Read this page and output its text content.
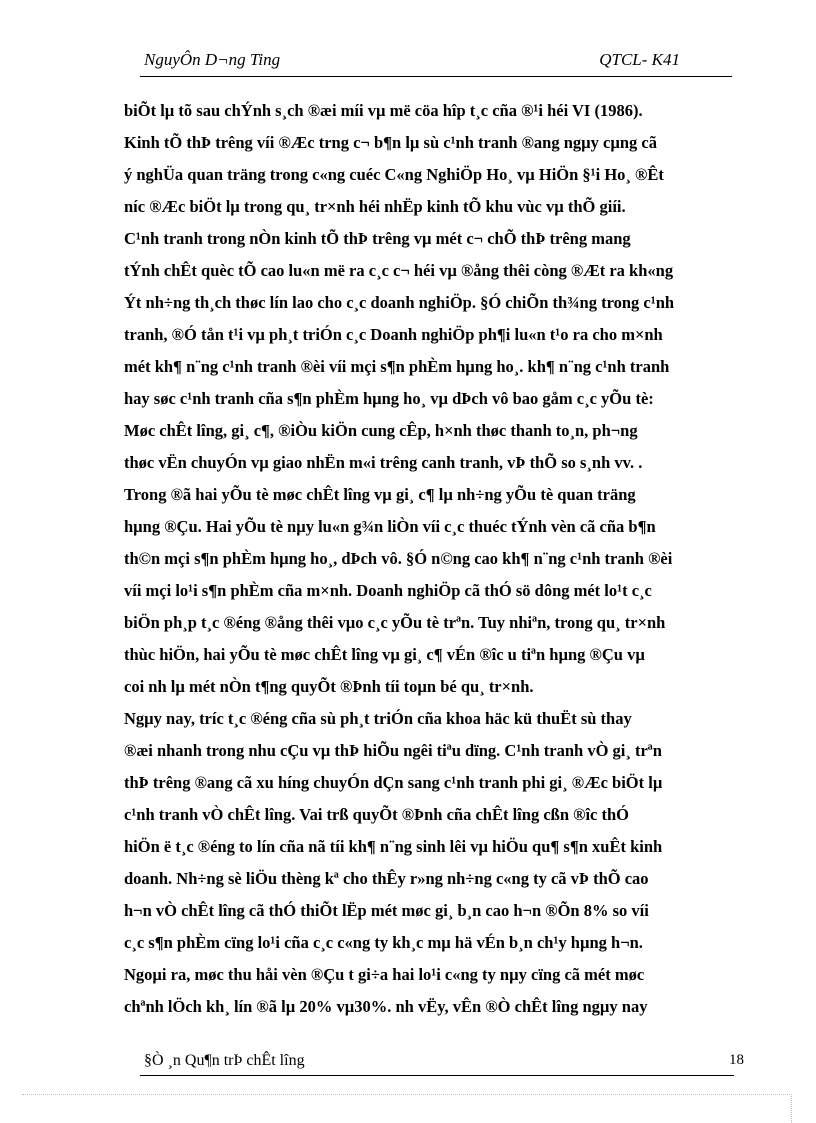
NguyÔn D¬ng Ting	QTCL- K41
biÕt lµ tõ sau chÝnh s¸ch ®æi míi vµ më cöa hîp t¸c cña ®¹i héi VI (1986).
Kinh tÕ thÞ trêng víi ®Æc trng c¬ b¶n lµ sù c¹nh tranh ®ang ngµy cµng cã
ý nghÜa quan träng trong c«ng cuéc C«ng NghiÖp Ho¸ vµ HiÖn §¹i Ho¸ ®Êt
níc ®Æc biÖt lµ trong qu¸ tr×nh héi nhËp kinh tÕ khu vùc vµ thÕ giíi.
C¹nh tranh trong nÒn kinh tÕ thÞ trêng vµ mét c¬ chÕ thÞ trêng mang
tÝnh chÊt quèc tÕ cao lu«n më ra c¸c c¬ héi vµ ®ång thêi còng ®Æt ra kh«ng
Ýt nh÷ng th¸ch thøc lín lao cho c¸c doanh nghiÖp. §Ó chiÕn th¾ng trong c¹nh
tranh, ®Ó tån t¹i vµ ph¸t triÓn c¸c Doanh nghiÖp ph¶i lu«n t¹o ra cho m×nh
mét kh¶ n¨ng c¹nh tranh ®èi víi mçi s¶n phÈm hµng ho¸. kh¶ n¨ng c¹nh tranh
hay søc c¹nh tranh cña s¶n phÈm hµng ho¸ vµ dÞch vô bao gåm c¸c yÕu tè:
Møc chÊt lîng, gi¸ c¶, ®iÒu kiÖn cung cÊp, h×nh thøc thanh to¸n, ph¬ng
thøc vËn chuyÓn vµ giao nhËn m«i trêng canh tranh, vÞ thÕ so s¸nh vv. .
Trong ®ã hai yÕu tè møc chÊt lîng vµ gi¸ c¶ lµ nh÷ng yÕu tè quan träng
hµng ®Çu. Hai yÕu tè nµy lu«n g¾n liÒn víi c¸c thuéc tÝnh vèn cã cña b¶n
th©n mçi s¶n phÈm hµng ho¸, dÞch vô. §Ó n©ng cao kh¶ n¨ng c¹nh tranh ®èi
víi mçi lo¹i s¶n phÈm cña m×nh. Doanh nghiÖp cã thÓ sö dông mét lo¹t c¸c
biÖn ph¸p t¸c ®éng ®ång thêi vµo c¸c yÕu tè trªn. Tuy nhiªn, trong qu¸ tr×nh
thùc hiÖn, hai yÕu tè møc chÊt lîng vµ gi¸ c¶ vÉn ®îc u tiªn hµng ®Çu vµ
coi nh lµ mét nÒn t¶ng quyÕt ®Þnh tíi toµn bé qu¸ tr×nh.
Ngµy nay, tríc t¸c ®éng cña sù ph¸t triÓn cña khoa häc kü thuËt sù thay
®æi nhanh trong nhu cÇu vµ thÞ hiÕu ngêi tiªu dïng. C¹nh tranh vÒ gi¸ trªn
thÞ trêng ®ang cã xu híng chuyÓn dÇn sang c¹nh tranh phi gi¸ ®Æc biÖt lµ
c¹nh tranh vÒ chÊt lîng. Vai trß quyÕt ®Þnh cña chÊt lîng cßn ®îc thÓ
hiÖn ë t¸c ®éng to lín cña nã tíi kh¶ n¨ng sinh lêi vµ hiÖu qu¶ s¶n xuÊt kinh
doanh. Nh÷ng sè liÖu thèng kª cho thÊy r»ng nh÷ng c«ng ty cã vÞ thÕ cao
h¬n vÒ chÊt lîng cã thÓ thiÕt lËp mét møc gi¸ b¸n cao h¬n ®Õn 8% so víi
c¸c s¶n phÈm cïng lo¹i cña c¸c c«ng ty kh¸c mµ hä vÉn b¸n ch¹y hµng h¬n.
Ngoµi ra, møc thu håi vèn ®Çu t gi÷a hai lo¹i c«ng ty nµy cïng cã mét møc
chªnh lÖch kh¸ lín ®ã lµ 20% vµ30%. nh vËy, vÊn ®Ò chÊt lîng ngµy nay
§Ò ¸n Qu¶n trÞ chÊt lîng	18
